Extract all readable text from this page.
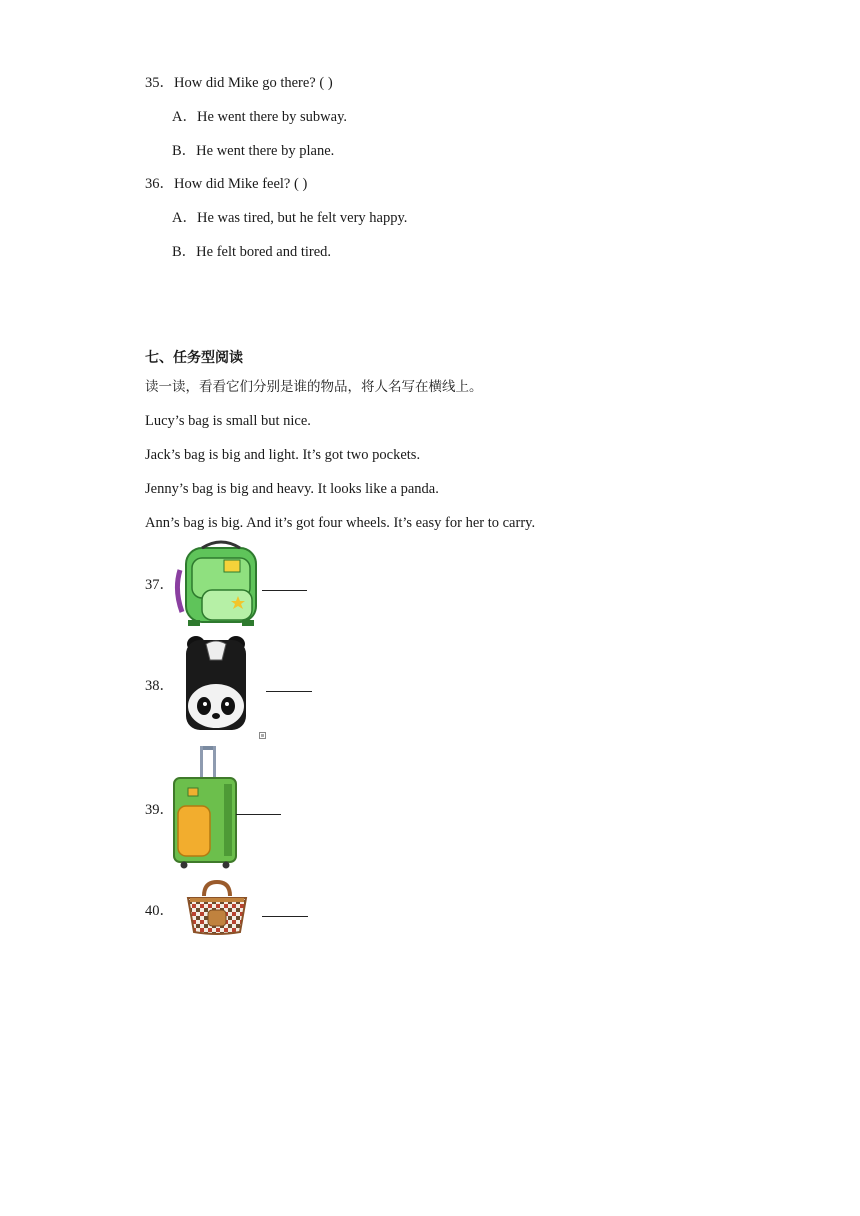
35．How did Mike go there? ( )
A．He went there by subway.
B．He went there by plane.
36．How did Mike feel? ( )
A．He was tired, but he felt very happy.
B．He felt bored and tired.
七、任务型阅读
读一读，看看它们分别是谁的物品，将人名写在横线上。
Lucy’s bag is small but nice.
Jack’s bag is big and light. It’s got two pockets.
Jenny’s bag is big and heavy. It looks like a panda.
Ann’s bag is big. And it’s got four wheels. It’s easy for her to carry.
37．
38．
39．
40．
